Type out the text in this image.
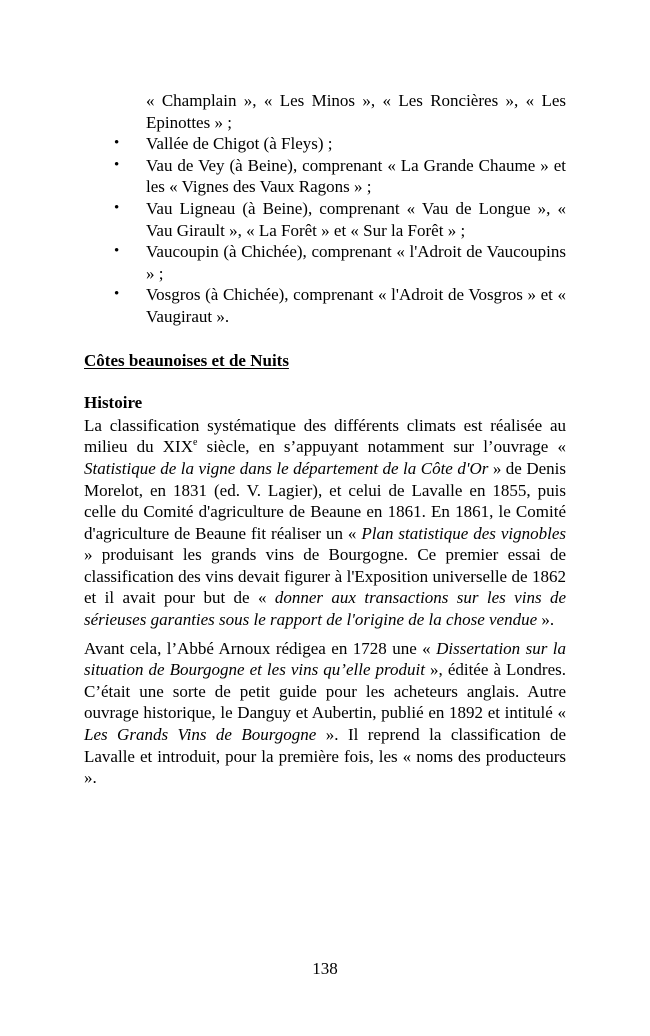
« Champlain », « Les Minos », « Les Roncières », « Les Epinottes » ;

• Vallée de Chigot (à Fleys) ;
• Vau de Vey (à Beine), comprenant « La Grande Chaume » et les « Vignes des Vaux Ragons » ;
• Vau Ligneau (à Beine), comprenant « Vau de Longue », « Vau Girault », « La Forêt » et « Sur la Forêt » ;
• Vaucoupin (à Chichée), comprenant « l'Adroit de Vaucoupins » ;
• Vosgros (à Chichée), comprenant « l'Adroit de Vosgros » et « Vaugiraut ».

Côtes beaunoises et de Nuits

Histoire

La classification systématique des différents climats est réalisée au milieu du XIXe siècle, en s’appuyant notamment sur l’ouvrage « Statistique de la vigne dans le département de la Côte d'Or » de Denis Morelot, en 1831 (ed. V. Lagier), et celui de Lavalle en 1855, puis celle du Comité d'agriculture de Beaune en 1861. En 1861, le Comité d'agriculture de Beaune fit réaliser un « Plan statistique des vignobles » produisant les grands vins de Bourgogne. Ce premier essai de classification des vins devait figurer à l'Exposition universelle de 1862 et il avait pour but de « donner aux transactions sur les vins de sérieuses garanties sous le rapport de l'origine de la chose vendue ».

Avant cela, l’Abbé Arnoux rédigea en 1728 une « Dissertation sur la situation de Bourgogne et les vins qu’elle produit », éditée à Londres. C’était une sorte de petit guide pour les acheteurs anglais. Autre ouvrage historique, le Danguy et Aubertin, publié en 1892 et intitulé « Les Grands Vins de Bourgogne ». Il reprend la classification de Lavalle et introduit, pour la première fois, les « noms des producteurs ».

138
